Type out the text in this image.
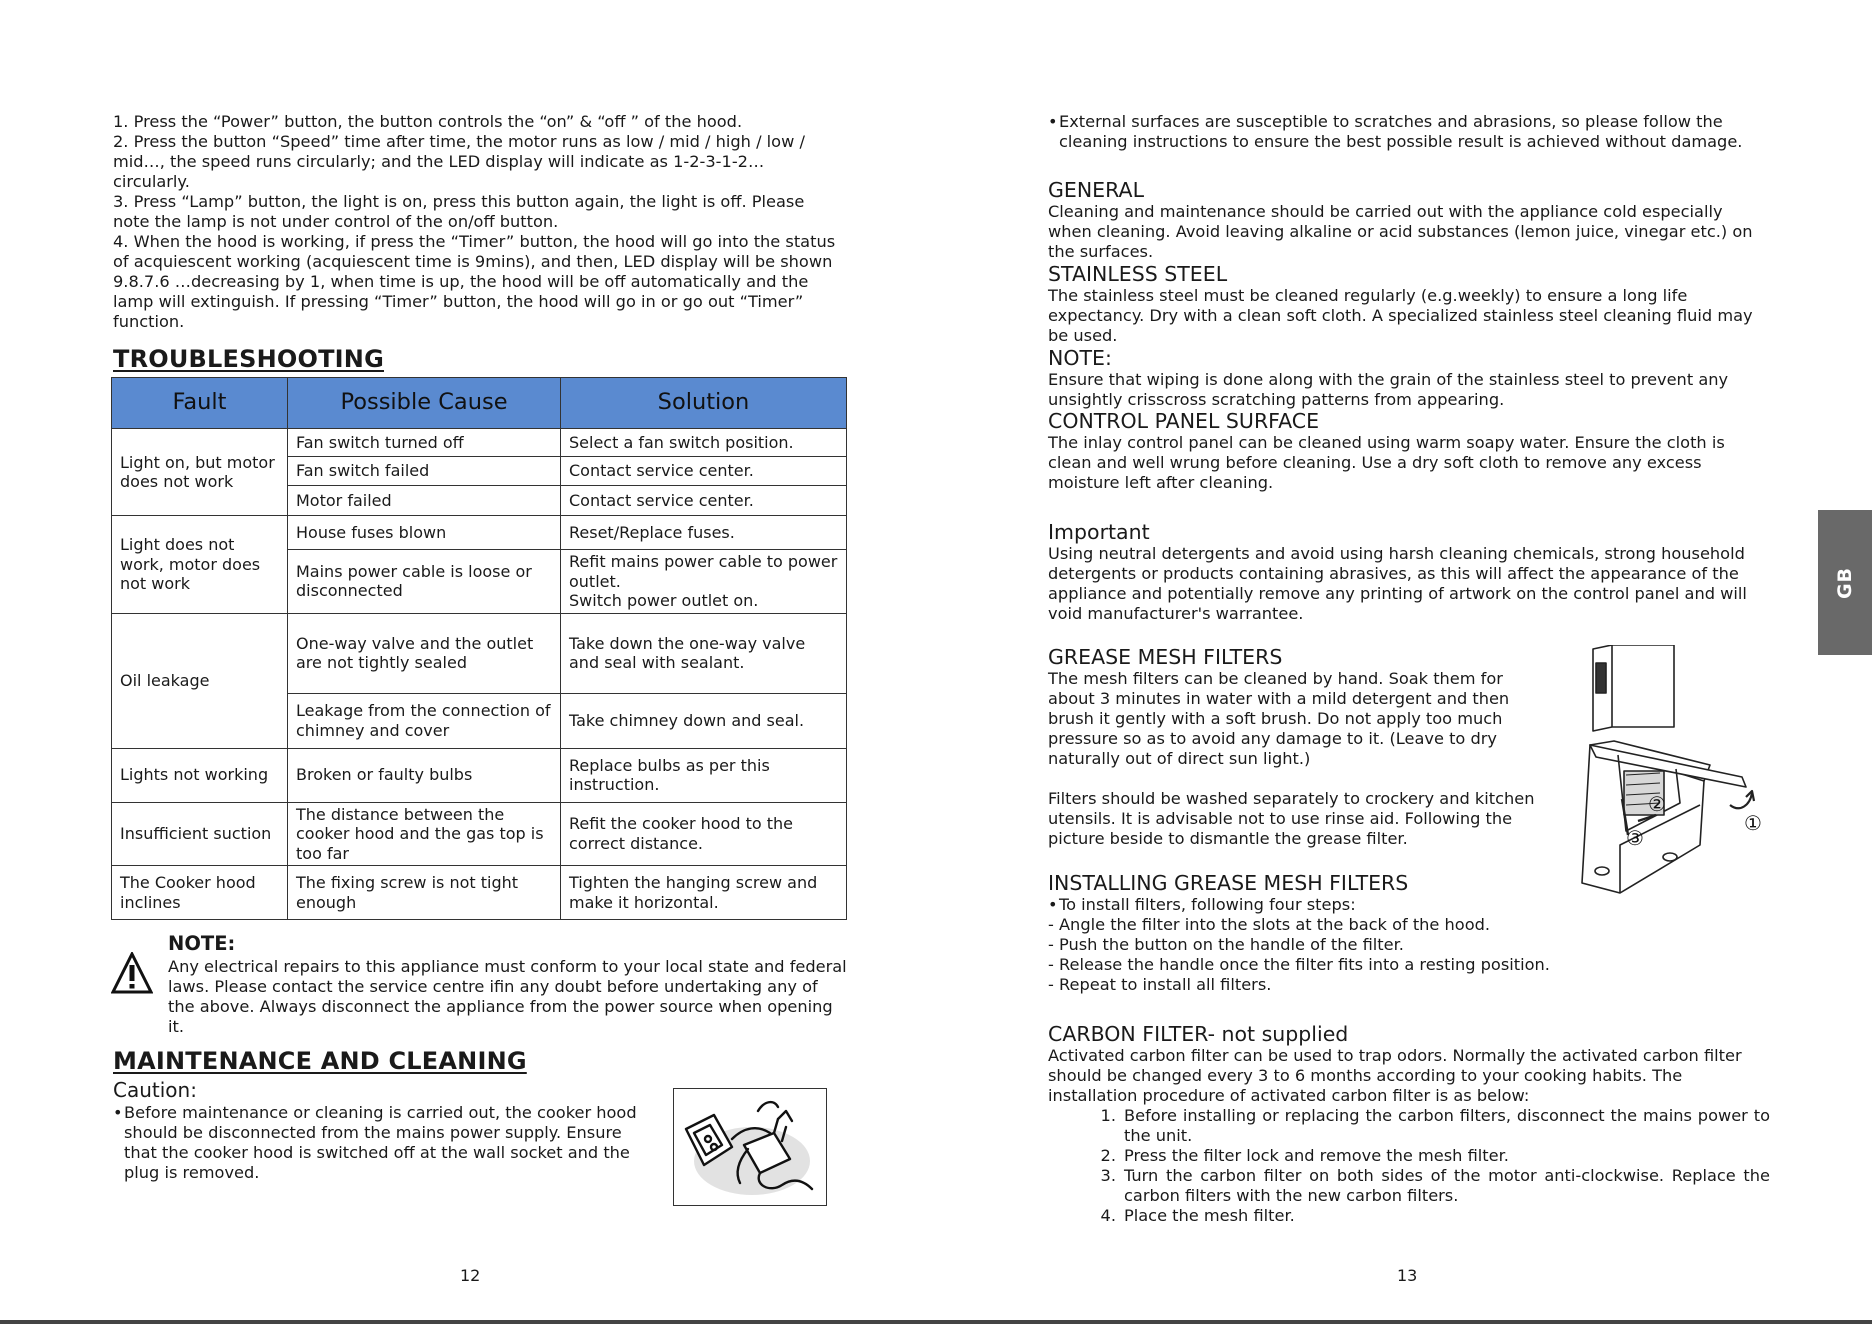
1. Press the “Power” button, the button controls the “on” & “off ” of the hood.

2. Press the button “Speed” time after time, the motor runs as low / mid / high / low / mid…, the speed runs circularly; and the LED display will indicate as 1-2-3-1-2… circularly.

3. Press “Lamp” button, the light is on, press this button again, the light is off. Please note the lamp is not under control of the on/off button.

4. When the hood is working, if press the “Timer” button, the hood will go into the status of acquiescent working (acquiescent time is 9mins), and then, LED display will be shown 9.8.7.6 …decreasing by 1, when time is up, the hood will be off automatically and the lamp will extinguish. If pressing “Timer” button, the hood will go in or go out “Timer” function.

TROUBLESHOOTING
Fault	Possible Cause	Solution
Light on, but motor does not work	Fan switch turned off	Select a fan switch position.
	Fan switch failed	Contact service center.
	Motor failed	Contact service center.
Light does not work, motor does not work	House fuses blown	Reset/Replace fuses.
	Mains power cable is loose or disconnected	Refit mains power cable to power outlet.
Switch power outlet on.

Oil leakage	One-way valve and the outlet are not tightly sealed	Take down the one-way valve and seal with sealant.
	Leakage from the connection of chimney and cover	Take chimney down and seal.
Lights not working	Broken or faulty bulbs	Replace bulbs as per this instruction.
Insufficient suction	The distance between the cooker hood and the gas top is too far	Refit the cooker hood to the correct distance.
The Cooker hood inclines	The fixing screw is not tight enough	Tighten the hanging screw and make it horizontal.
NOTE:

Any electrical repairs to this appliance must conform to your local state and federal laws. Please contact the service centre ifin any doubt before undertaking any of the above. Always disconnect the appliance from the power source when opening it.

MAINTENANCE AND CLEANING
Caution:
• Before maintenance or cleaning is carried out, the cooker hood should be disconnected from the mains power supply. Ensure that the cooker hood is switched off at the wall socket and the plug is removed.

12

• External surfaces are susceptible to scratches and abrasions, so please follow the cleaning instructions to ensure the best possible result is achieved without damage.

GENERAL

Cleaning and maintenance should be carried out with the appliance cold especially when cleaning. Avoid leaving alkaline or acid substances (lemon juice, vinegar etc.) on the surfaces.

STAINLESS STEEL

The stainless steel must be cleaned regularly (e.g.weekly) to ensure a long life expectancy. Dry with a clean soft cloth. A specialized stainless steel cleaning fluid may be used.

NOTE:

Ensure that wiping is done along with the grain of the stainless steel to prevent any unsightly crisscross scratching patterns from appearing.

CONTROL PANEL SURFACE

The inlay control panel can be cleaned using warm soapy water. Ensure the cloth is clean and well wrung before cleaning. Use a dry soft cloth to remove any excess moisture left after cleaning.

Important

Using neutral detergents and avoid using harsh cleaning chemicals, strong household detergents or products containing abrasives, as this will affect the appearance of the appliance and potentially remove any printing of artwork on the control panel and will void manufacturer's warrantee.

GREASE MESH FILTERS

The mesh filters can be cleaned by hand. Soak them for about 3 minutes in water with a mild detergent and then brush it gently with a soft brush. Do not apply too much pressure so as to avoid any damage to it. (Leave to dry naturally out of direct sun light.)

Filters should be washed separately to crockery and kitchen utensils. It is advisable not to use rinse aid. Following the picture beside to dismantle the grease filter.

②
③
①

INSTALLING GREASE MESH FILTERS

• To install filters, following four steps:

- Angle the filter into the slots at the back of the hood.

- Push the button on the handle of the filter.

- Release the handle once the filter fits into a resting position.

- Repeat to install all filters.

CARBON FILTER- not supplied

Activated carbon filter can be used to trap odors. Normally the activated carbon filter should be changed every 3 to 6 months according to your cooking habits. The installation procedure of activated carbon filter is as below:

1. Before installing or replacing the carbon filters, disconnect the mains power to the unit.
2. Press the filter lock and remove the mesh filter.
3. Turn the carbon filter on both sides of the motor anti-clockwise. Replace the carbon filters with the new carbon filters.
4. Place the mesh filter.
GB
13
